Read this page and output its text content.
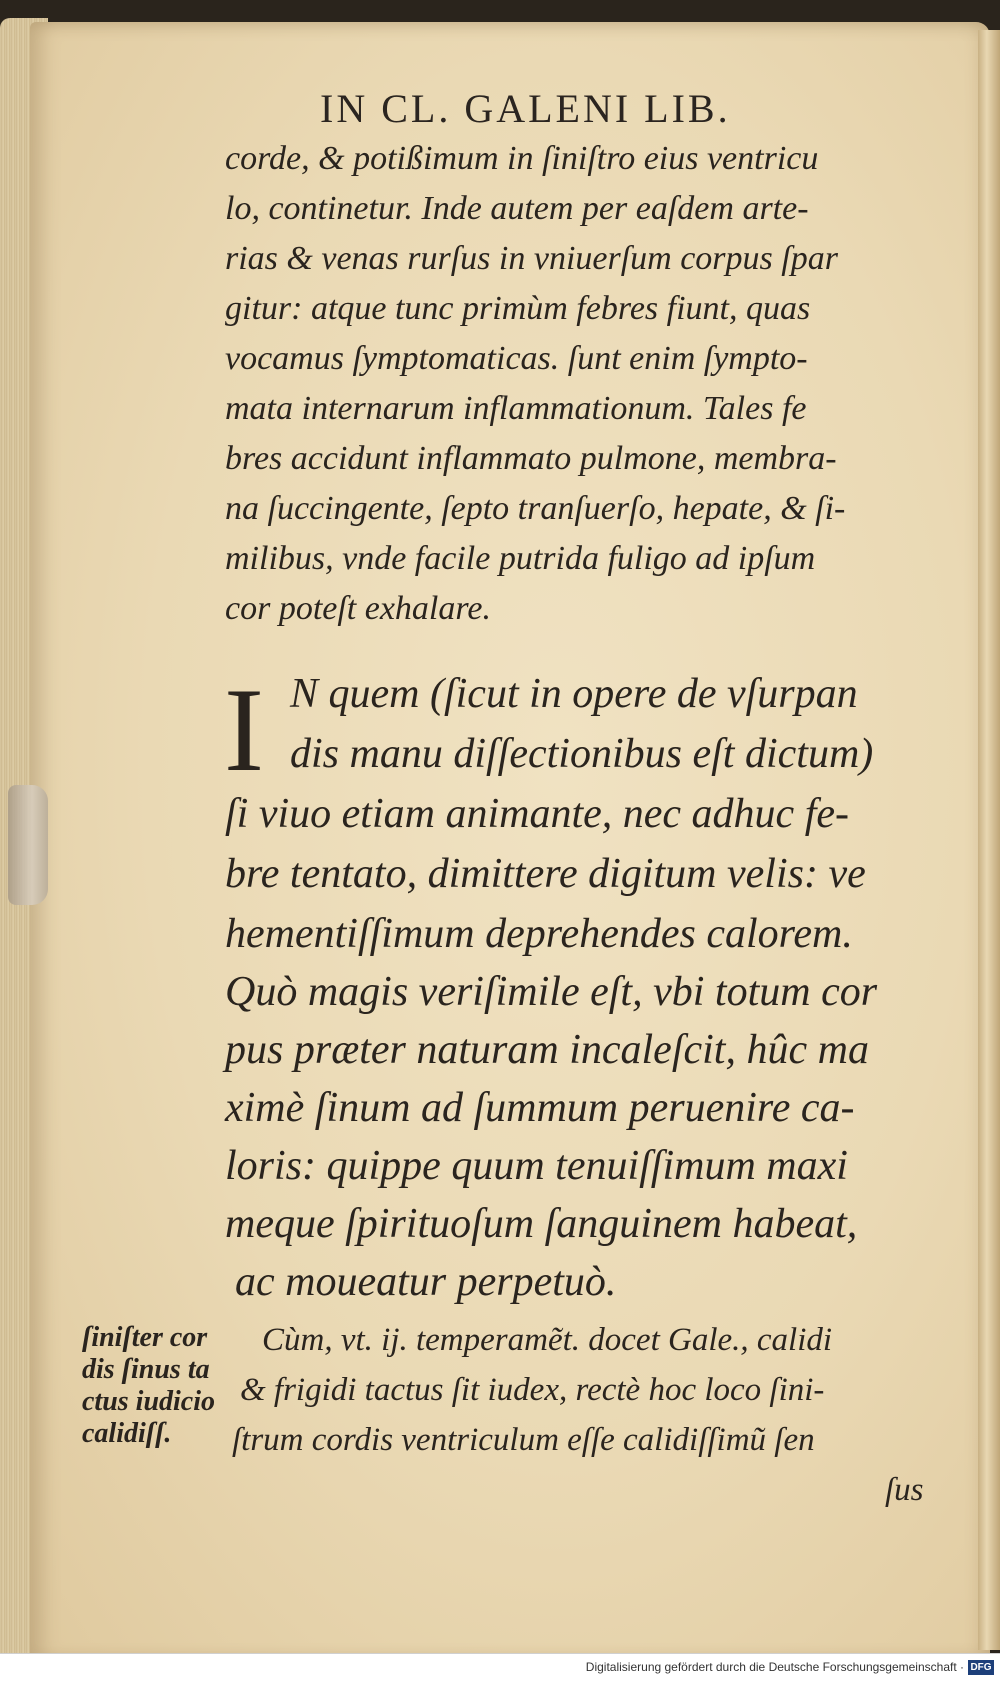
IN CL. GALENI LIB.
corde, & potißimum in ſiniſtro eius ventricu
lo, continetur. Inde autem per eaſdem arte-
rias & venas rurſus in vniuerſum corpus ſpar
gitur: atque tunc primùm febres fiunt, quas
vocamus ſymptomaticas. ſunt enim ſympto-
mata internarum inflammationum. Tales fe
bres accidunt inflammato pulmone, membra-
na ſuccingente, ſepto tranſuerſo, hepate, & ſi-
milibus, vnde facile putrida fuligo ad ipſum
cor poteſt exhalare.
I N quem (ſicut in opere de vſurpan
dis manu diſſectionibus eſt dictum)
ſi viuo etiam animante, nec adhuc fe-
bre tentato, dimittere digitum velis: ve
hementiſſimum deprehendes calorem.
Quò magis veriſimile eſt, vbi totum cor
pus præter naturam incaleſcit, hûc ma
ximè ſinum ad ſummum peruenire ca-
loris: quippe quum tenuiſſimum maxi
meque ſpirituoſum ſanguinem habeat,
ac moueatur perpetuò.
ſiniſter cor
dis ſinus ta
ctus iudicio
calidiſſ.
Cùm, vt. ij. temperamẽt. docet Gale., calidi
& frigidi tactus ſit iudex, rectè hoc loco ſini-
ſtrum cordis ventriculum eſſe calidiſſimũ ſen
ſus
Digitalisierung gefördert durch die Deutsche Forschungsgemeinschaft · DFG
